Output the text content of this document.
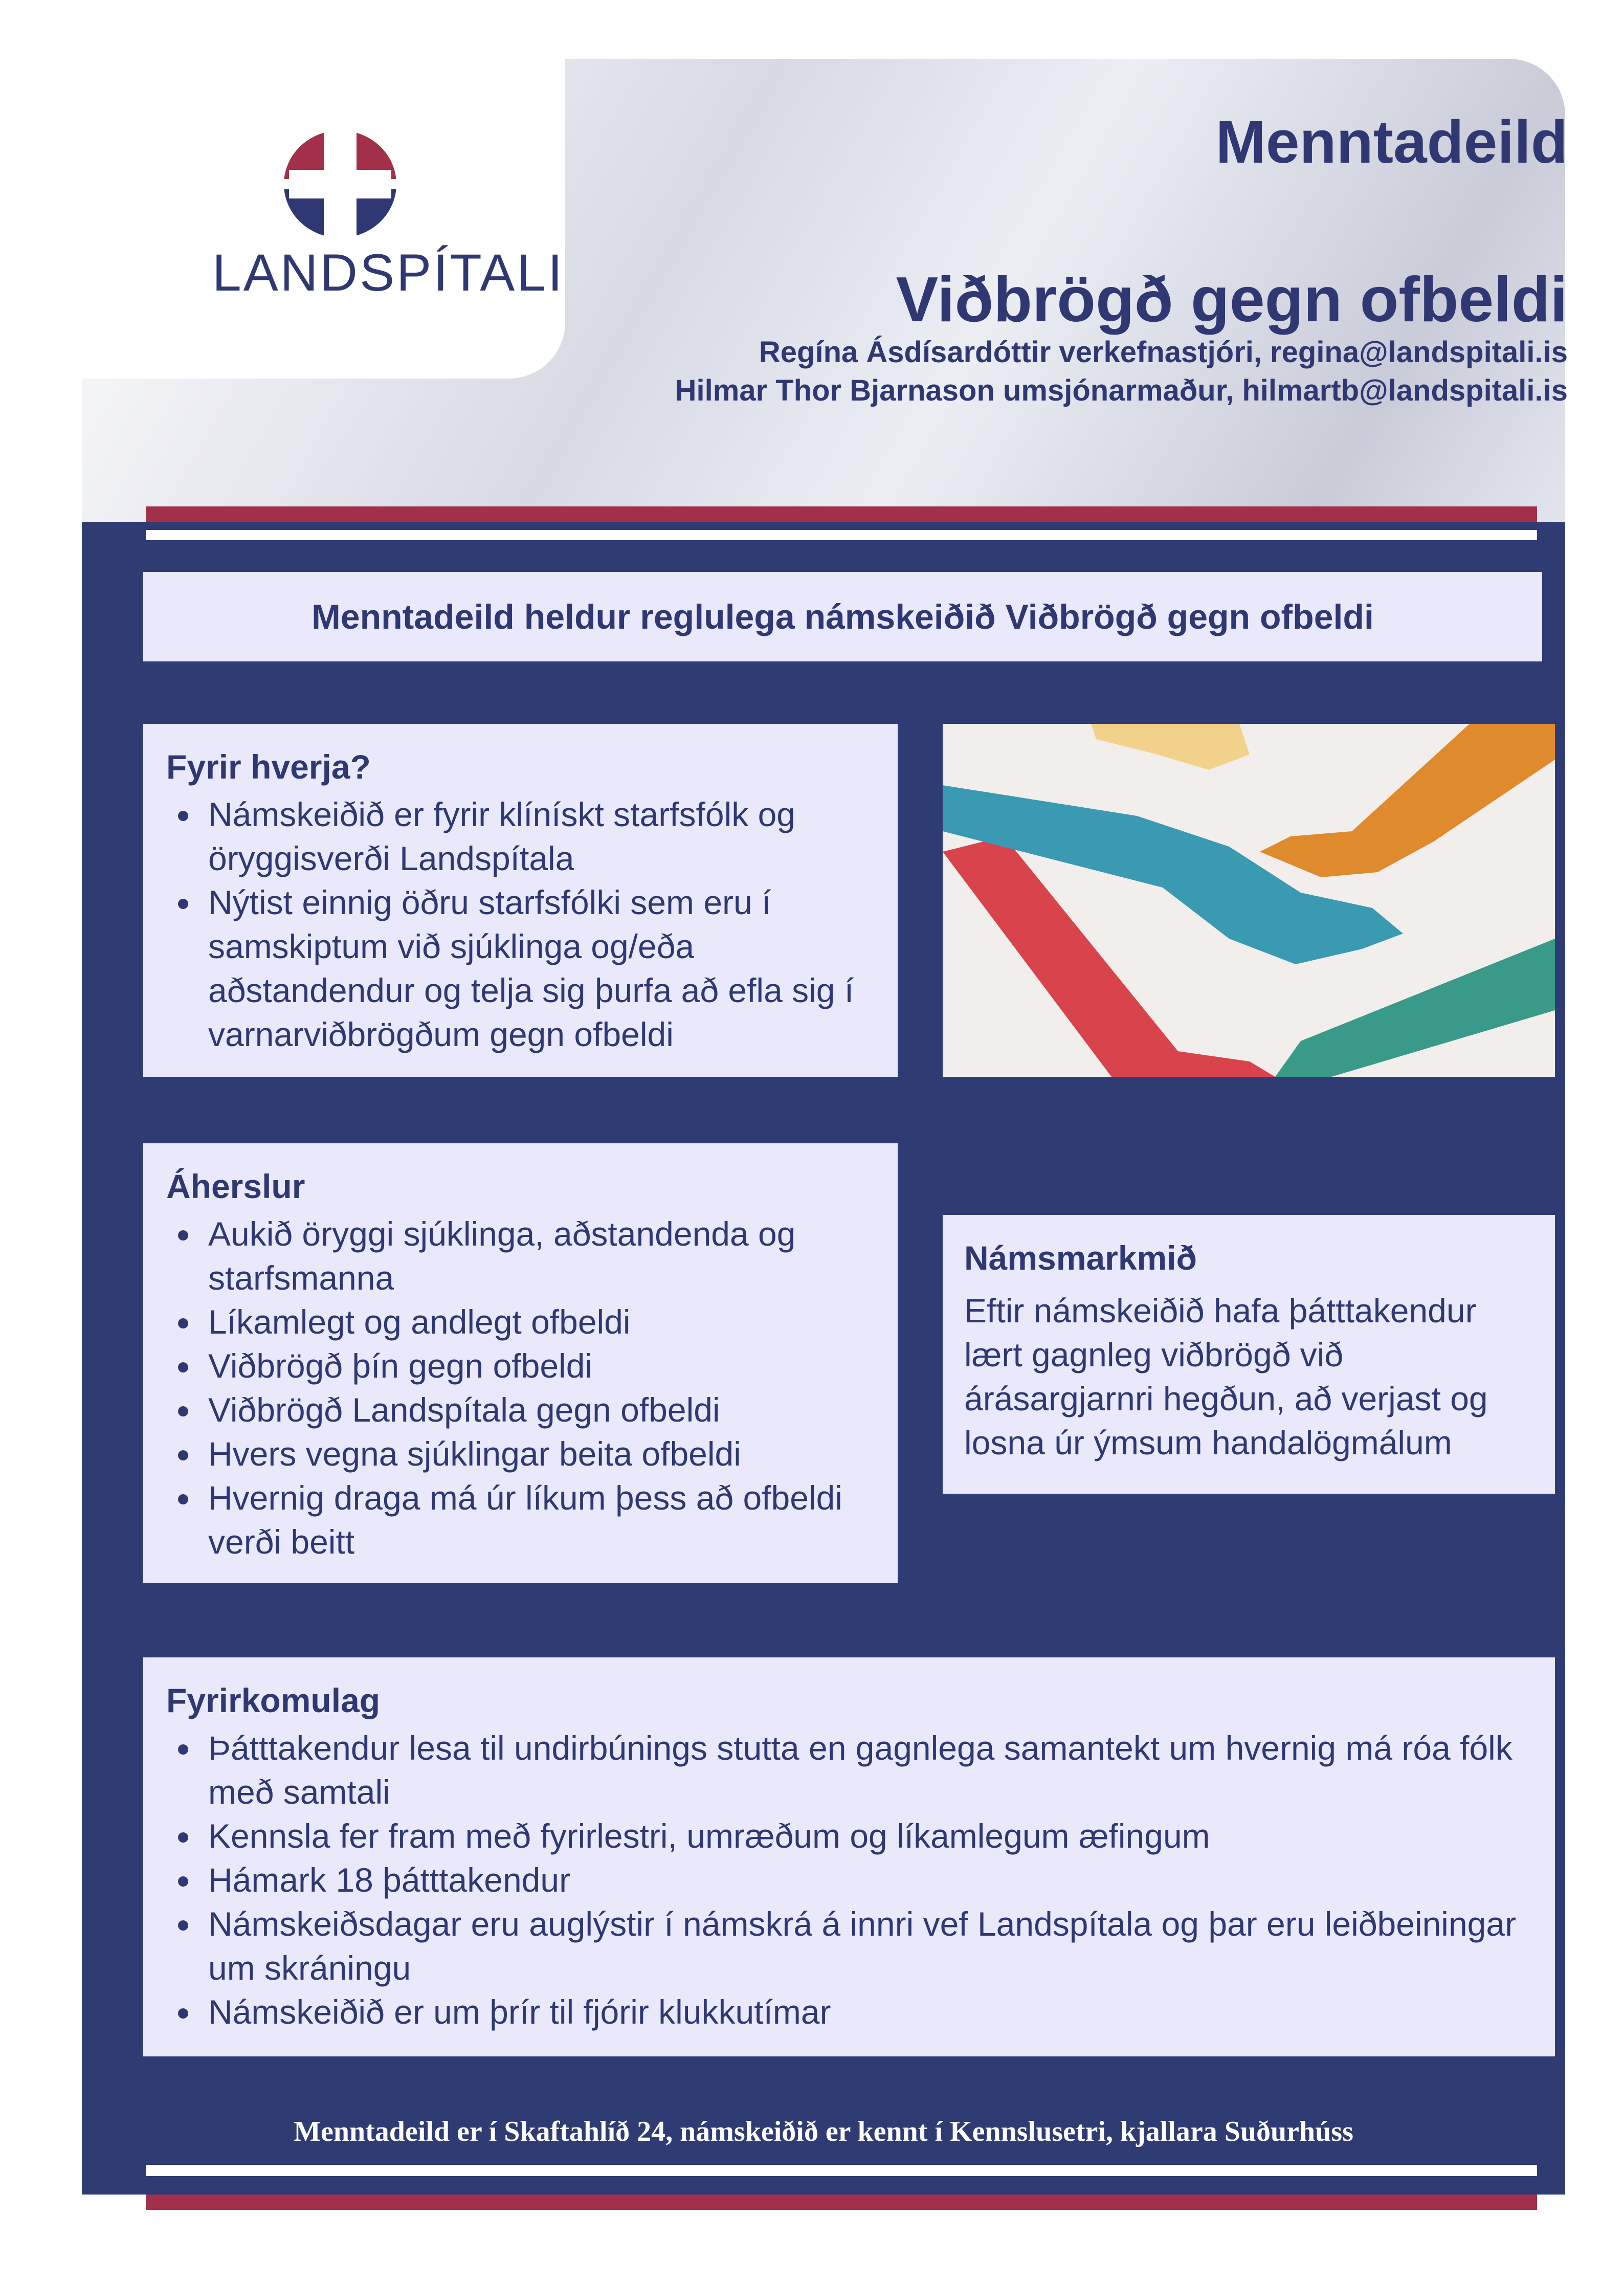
LANDSPÍTALI
Menntadeild
Viðbrögð gegn ofbeldi
Regína Ásdísardóttir verkefnastjóri, regina@landspitali.is
Hilmar Thor Bjarnason umsjónarmaður, hilmartb@landspitali.is
Menntadeild heldur reglulega námskeiðið Viðbrögð gegn ofbeldi
Fyrir hverja?
• Námskeiðið er fyrir klínískt starfsfólk og öryggisverði Landspítala
• Nýtist einnig öðru starfsfólki sem eru í samskiptum við sjúklinga og/eða aðstandendur og telja sig þurfa að efla sig í varnarviðbrögðum gegn ofbeldi
Áherslur
• Aukið öryggi sjúklinga, aðstandenda og starfsmanna
• Líkamlegt og andlegt ofbeldi
• Viðbrögð þín gegn ofbeldi
• Viðbrögð Landspítala gegn ofbeldi
• Hvers vegna sjúklingar beita ofbeldi
• Hvernig draga má úr líkum þess að ofbeldi verði beitt
Námsmarkmið

Eftir námskeiðið hafa þátttakendur lært gagnleg viðbrögð við árásargjarnri hegðun, að verjast og losna úr ýmsum handalögmálum

Fyrirkomulag
• Þátttakendur lesa til undirbúnings stutta en gagnlega samantekt um hvernig má róa fólk með samtali
• Kennsla fer fram með fyrirlestri, umræðum og líkamlegum æfingum
• Hámark 18 þátttakendur
• Námskeiðsdagar eru auglýstir í námskrá á innri vef Landspítala og þar eru leiðbeiningar um skráningu
• Námskeiðið er um þrír til fjórir klukkutímar
Menntadeild er í Skaftahlíð 24, námskeiðið er kennt í Kennslusetri, kjallara Suðurhúss
